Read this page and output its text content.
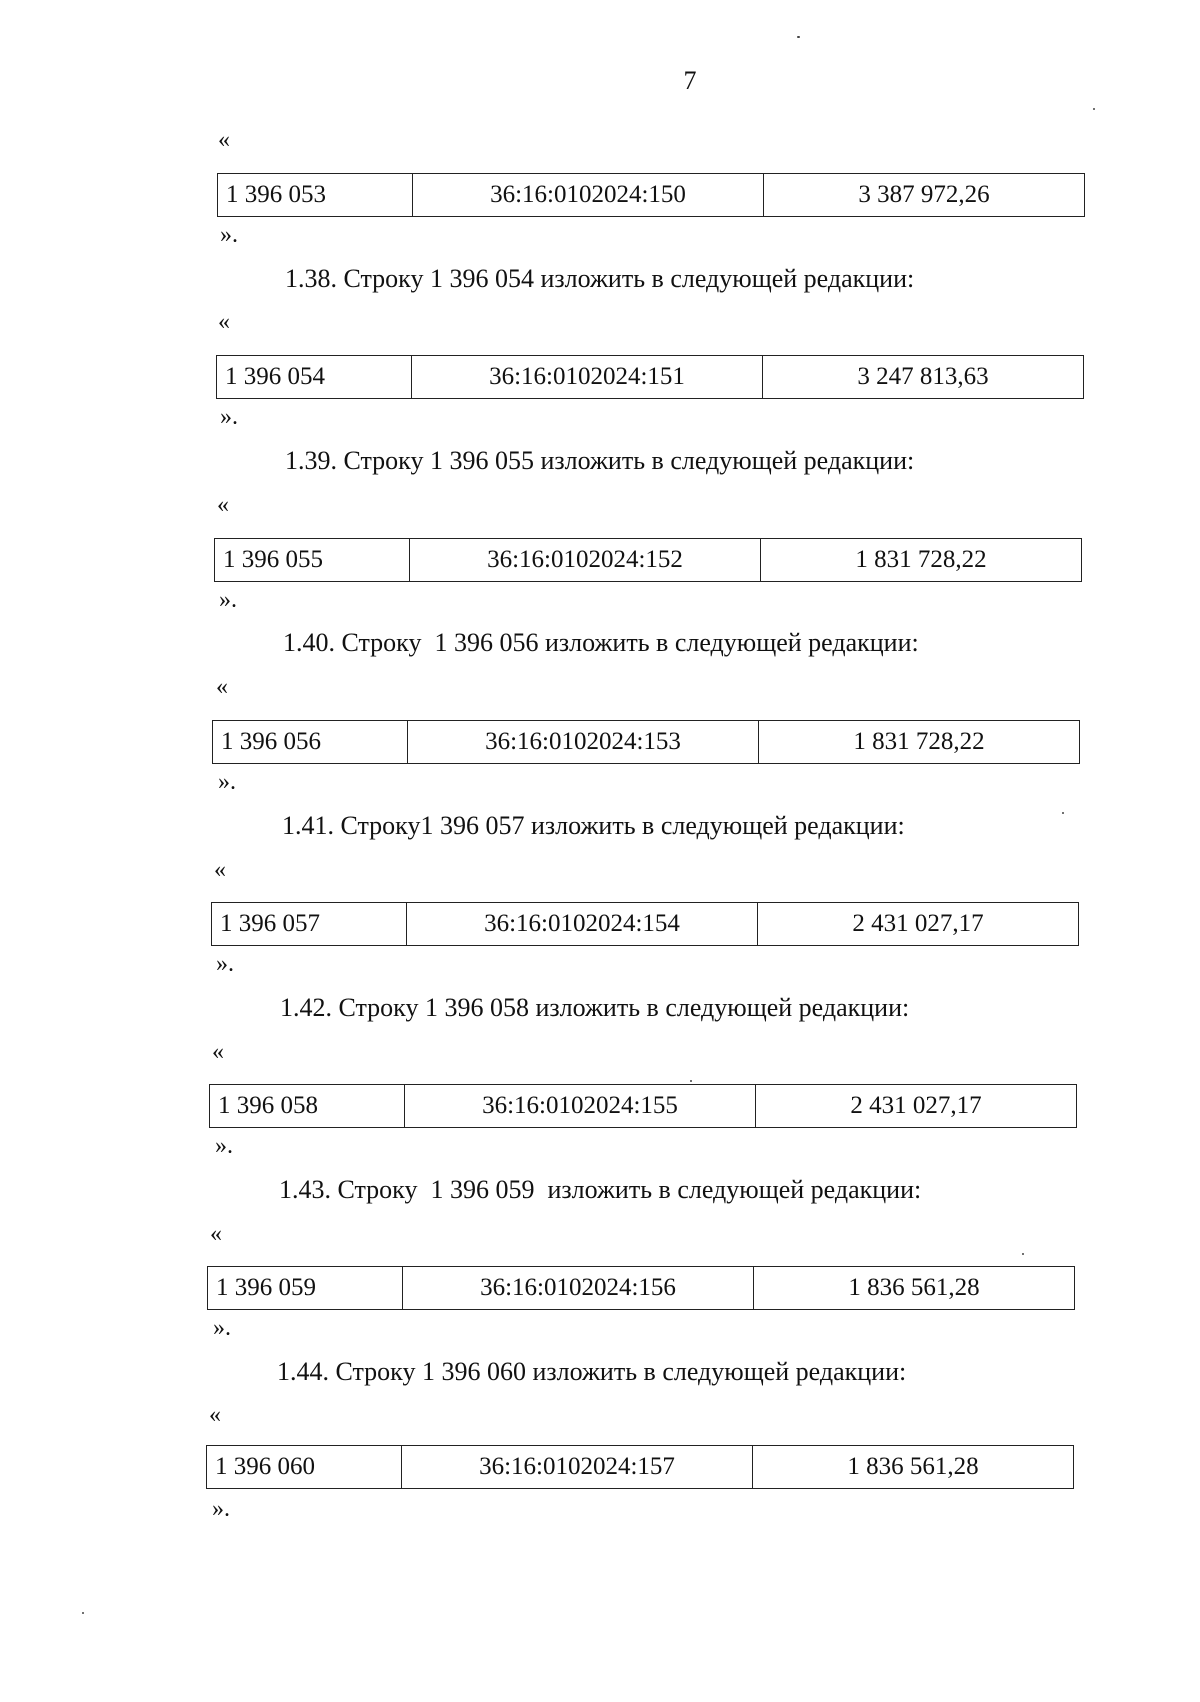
7
«
1 396 053	36:16:0102024:150	3 387 972,26
».
1.38. Строку 1 396 054 изложить в следующей редакции:
«
1 396 054	36:16:0102024:151	3 247 813,63
».
1.39. Строку 1 396 055 изложить в следующей редакции:
«
1 396 055	36:16:0102024:152	1 831 728,22
».
1.40. Строку  1 396 056 изложить в следующей редакции:
«
1 396 056	36:16:0102024:153	1 831 728,22
».
1.41. Строку1 396 057 изложить в следующей редакции:
«
1 396 057	36:16:0102024:154	2 431 027,17
».
1.42. Строку 1 396 058 изложить в следующей редакции:
«
1 396 058	36:16:0102024:155	2 431 027,17
».
1.43. Строку  1 396 059  изложить в следующей редакции:
«
1 396 059	36:16:0102024:156	1 836 561,28
».
1.44. Строку 1 396 060 изложить в следующей редакции:
«
1 396 060	36:16:0102024:157	1 836 561,28
».
